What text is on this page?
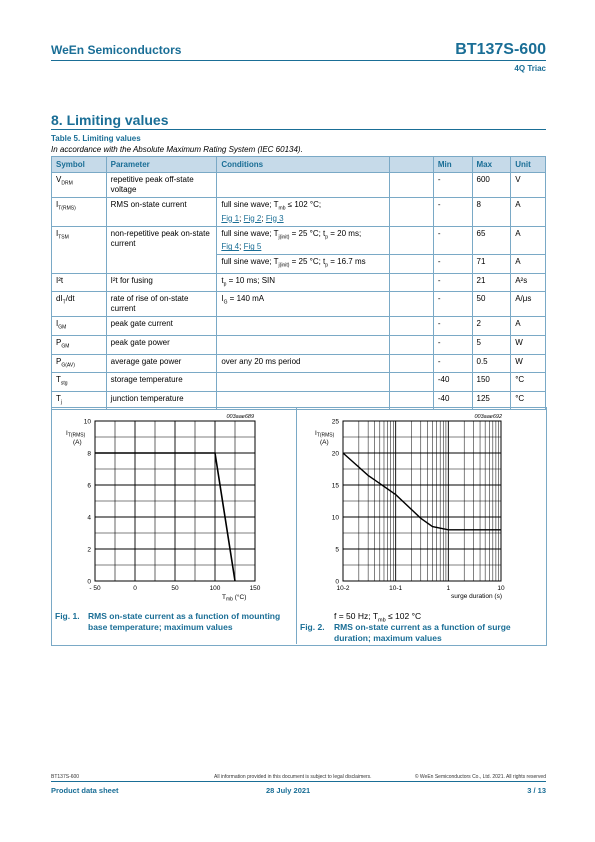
WeEn Semiconductors	BT137S-600
4Q Triac
8. Limiting values
Table 5. Limiting values
In accordance with the Absolute Maximum Rating System (IEC 60134).
Symbol	Parameter	Conditions		Min	Max	Unit
$V_{DRM}$	repetitive peak off-state voltage			-	600	V
$I_{T(RMS)}$	RMS on-state current	full sine wave; $T_{mb} \le 102$ °C;
Fig 1; Fig 2; Fig 3		-	8	A
$I_{TSM}$	non-repetitive peak on-state current	full sine wave; $T_{j(init)} = 25$ °C; $t_p = 20$ ms;
Fig 4; Fig 5		-	65	A
		full sine wave; $T_{j(init)} = 25$ °C; $t_p = 16.7$ ms		-	71	A
I²t	I²t for fusing	$t_p = 10$ ms; SIN		-	21	A²s
$dI_T/dt$	rate of rise of on-state current	$I_G = 140$ mA		-	50	A/μs
$I_{GM}$	peak gate current			-	2	A
$P_{GM}$	peak gate power			-	5	W
$P_{G(AV)}$	average gate power	over any 20 ms period		-	0.5	W
$T_{stg}$	storage temperature			-40	150	°C
$T_j$	junction temperature			-40	125	°C
- 50	0	50	100	150
0
2
4
6
8
10
003aae689
$I_{T(RMS)}$
(A)
$T_{mb}$ (°C)
10-2	10-1	1	10
0
5
10
15
20
25
003aae692
$I_{T(RMS)}$
(A)
surge duration (s)
Fig. 1. RMS on-state current as a function of mounting base temperature; maximum values
f = 50 Hz; $T_{mb} \le 102$ °C
Fig. 2. RMS on-state current as a function of surge duration; maximum values
BT137S-600	All information provided in this document is subject to legal disclaimers.	© WeEn Semiconductors Co., Ltd. 2021. All rights reserved
Product data sheet	28 July 2021	3 / 13
